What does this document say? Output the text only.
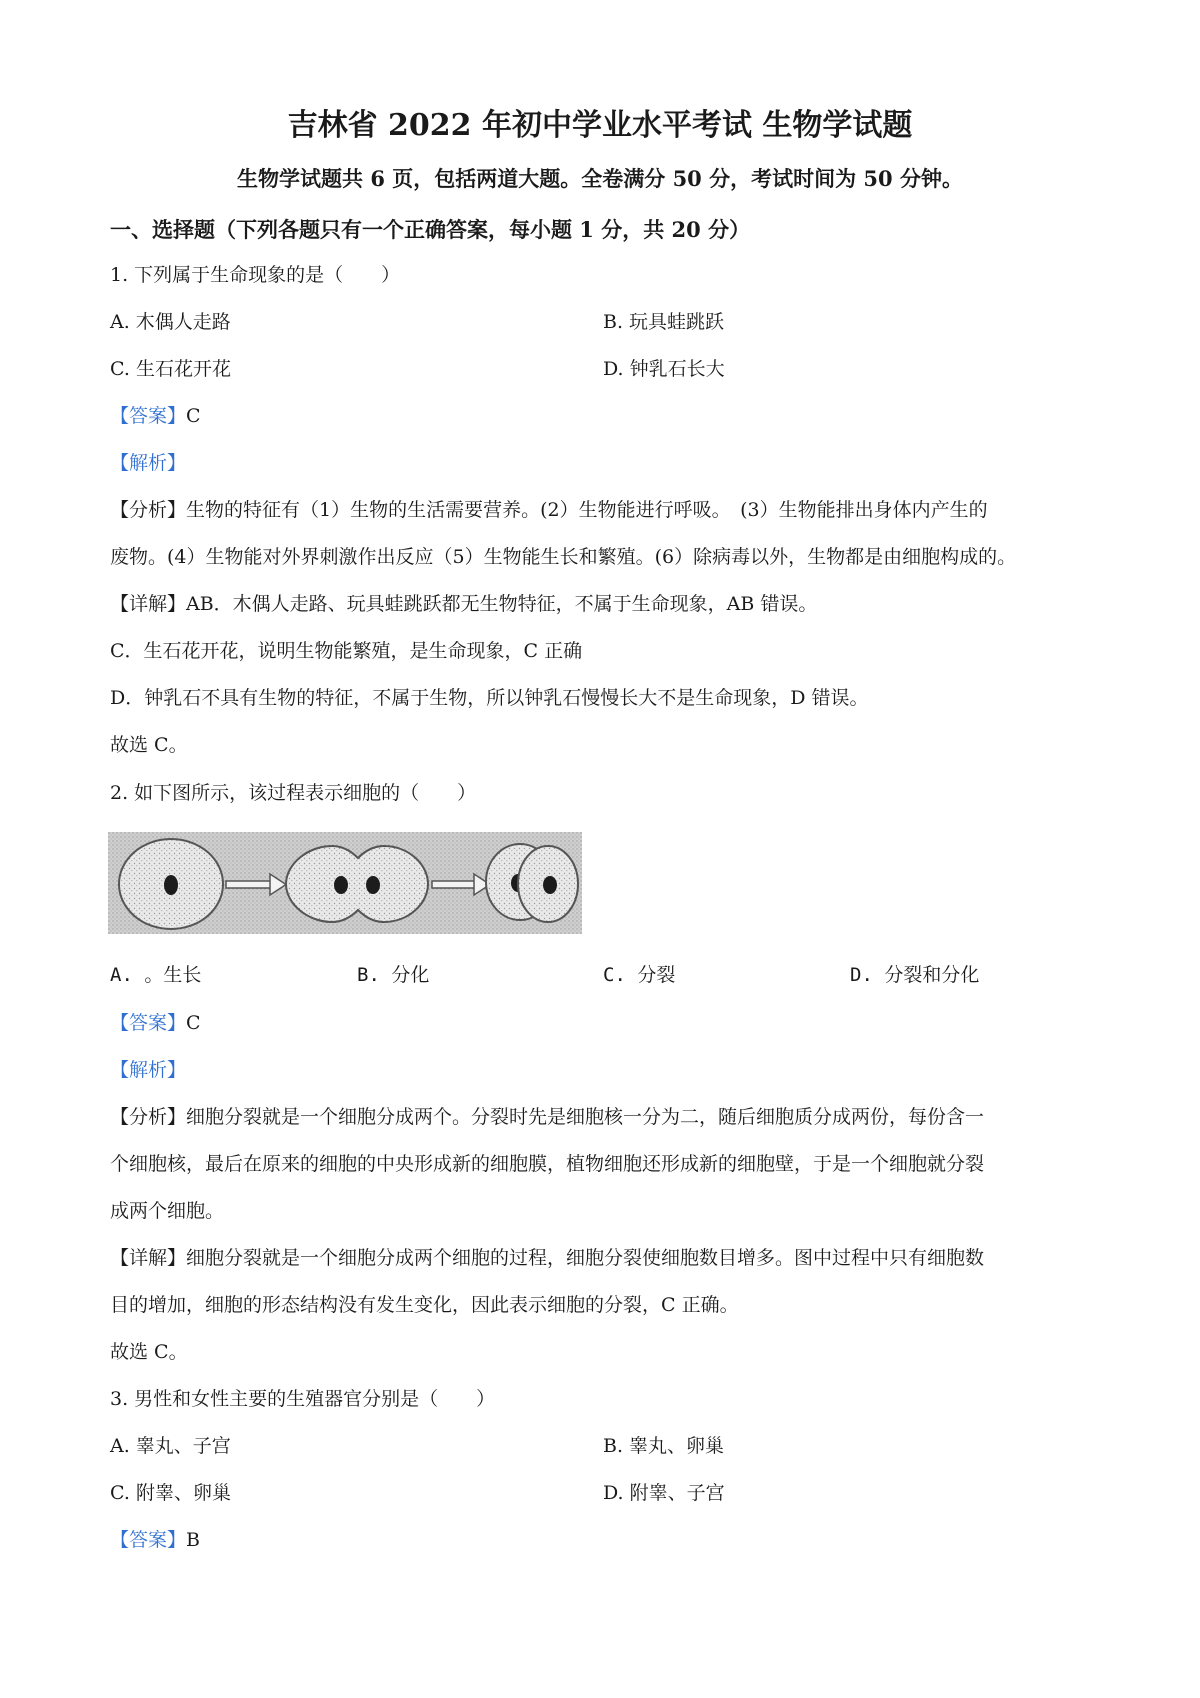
吉林省 2022 年初中学业水平考试 生物学试题
生物学试题共 6 页，包括两道大题。全卷满分 50 分，考试时间为 50 分钟。
一、选择题（下列各题只有一个正确答案，每小题 1 分，共 20 分）
1. 下列属于生命现象的是（　　）
A. 木偶人走路	B. 玩具蛙跳跃
C. 生石花开花	D. 钟乳石长大
【答案】C
【解析】
【分析】生物的特征有（1）生物的生活需要营养。(2）生物能进行呼吸。　(3）生物能排出身体内产生的
废物。(4）生物能对外界刺激作出反应（5）生物能生长和繁殖。(6）除病毒以外，生物都是由细胞构成的。
【详解】AB．木偶人走路、玩具蛙跳跃都无生物特征，不属于生命现象，AB 错误。
C．生石花开花，说明生物能繁殖，是生命现象，C 正确
D．钟乳石不具有生物的特征，不属于生物，所以钟乳石慢慢长大不是生命现象，D 错误。
故选 C。
2. 如下图所示，该过程表示细胞的（　　）
A. 。生长	B. 分化	C. 分裂	D. 分裂和分化
【答案】C
【解析】
【分析】细胞分裂就是一个细胞分成两个。分裂时先是细胞核一分为二，随后细胞质分成两份，每份含一
个细胞核，最后在原来的细胞的中央形成新的细胞膜，植物细胞还形成新的细胞壁，于是一个细胞就分裂
成两个细胞。
【详解】细胞分裂就是一个细胞分成两个细胞的过程，细胞分裂使细胞数目增多。图中过程中只有细胞数
目的增加，细胞的形态结构没有发生变化，因此表示细胞的分裂，C 正确。
故选 C。
3. 男性和女性主要的生殖器官分别是（　　）
A. 睾丸、子宫	B. 睾丸、卵巢
C. 附睾、卵巢	D. 附睾、子宫
【答案】B
